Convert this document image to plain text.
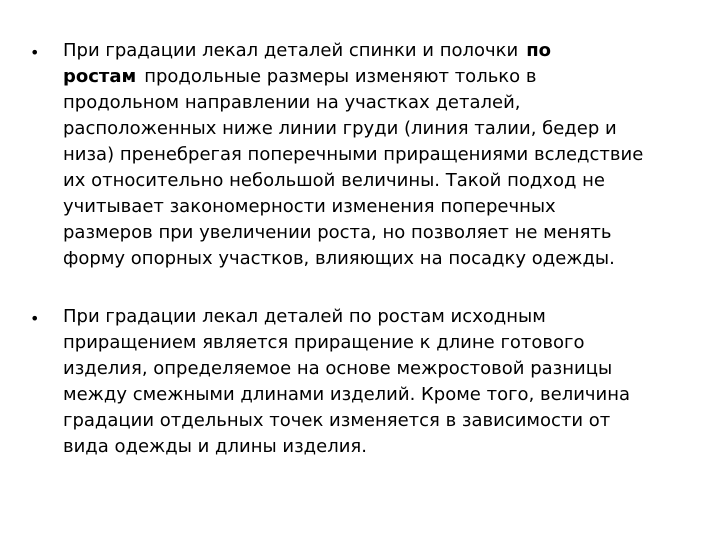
• При градации лекал деталей спинки и полочки по

ростам продольные размеры изменяют только в

продольном направлении на участках деталей,

расположенных ниже линии груди (линия талии, бедер и

низа) пренебрегая поперечными приращениями вследствие

их относительно небольшой величины. Такой подход не

учитывает закономерности изменения поперечных

размеров при увеличении роста, но позволяет не менять

форму опорных участков, влияющих на посадку одежды.

• При градации лекал деталей по ростам исходным

приращением является приращение к длине готового

изделия, определяемое на основе межростовой разницы

между смежными длинами изделий. Кроме того, величина

градации отдельных точек изменяется в зависимости от

вида одежды и длины изделия.
